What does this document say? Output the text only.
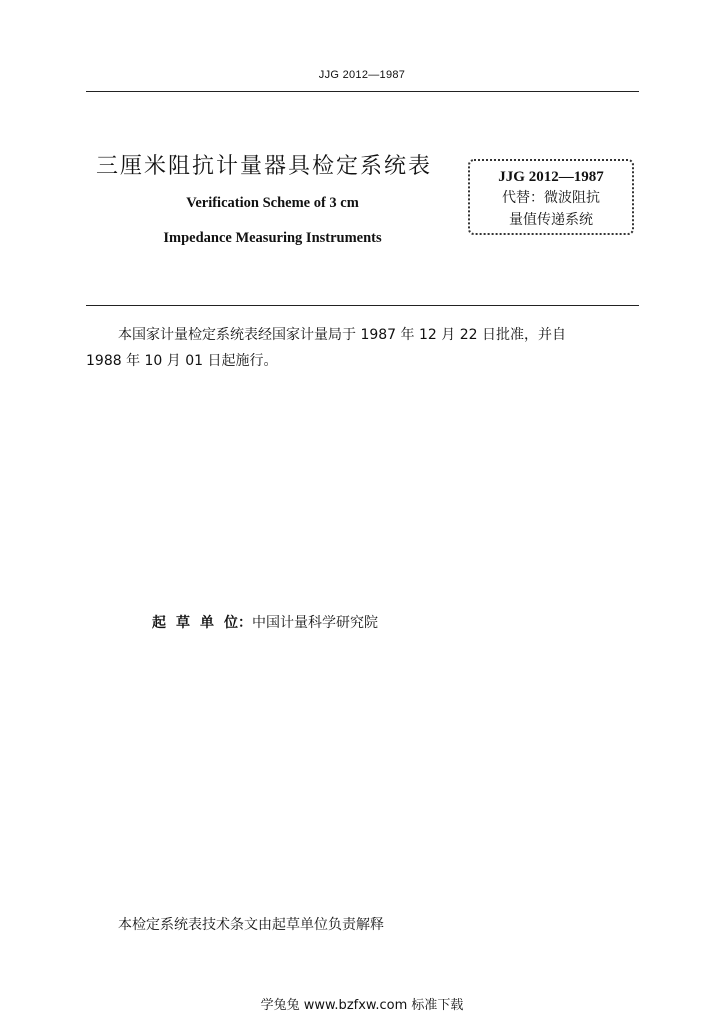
JJG 2012—1987
三厘米阻抗计量器具检定系统表
Verification Scheme of 3 cm
Impedance Measuring Instruments
JJG 2012—1987
代替：微波阻抗
量值传递系统
本国家计量检定系统表经国家计量局于 1987 年 12 月 22 日批准，并自
1988 年 10 月 01 日起施行。
起草单位：中国计量科学研究院
本检定系统表技术条文由起草单位负责解释
学兔兔 www.bzfxw.com 标准下载
